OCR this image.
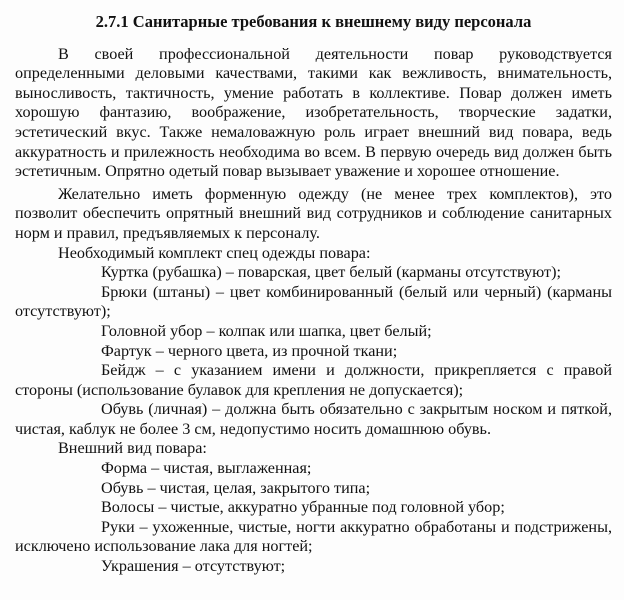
2.7.1 Санитарные требования к внешнему виду персонала

В своей профессиональной деятельности повар руководствуется определенными деловыми качествами, такими как вежливость, внимательность, выносливость, тактичность, умение работать в коллективе. Повар должен иметь хорошую фантазию, воображение, изобретательность, творческие задатки, эстетический вкус. Также немаловажную роль играет внешний вид повара, ведь аккуратность и прилежность необходима во всем. В первую очередь вид должен быть эстетичным. Опрятно одетый повар вызывает уважение и хорошее отношение.

Желательно иметь форменную одежду (не менее трех комплектов), это позволит обеспечить опрятный внешний вид сотрудников и соблюдение санитарных норм и правил, предъявляемых к персоналу.

Необходимый комплект спец одежды повара:

Куртка (рубашка) – поварская, цвет белый (карманы отсутствуют);
Брюки (штаны) – цвет комбинированный (белый или черный) (карманы отсутствуют);
Головной убор – колпак или шапка, цвет белый;
Фартук – черного цвета, из прочной ткани;
Бейдж – с указанием имени и должности, прикрепляется с правой стороны (использование булавок для крепления не допускается);
Обувь (личная) – должна быть обязательно с закрытым носком и пяткой, чистая, каблук не более 3 см, недопустимо носить домашнюю обувь.

Внешний вид повара:

Форма – чистая, выглаженная;
Обувь – чистая, целая, закрытого типа;
Волосы – чистые, аккуратно убранные под головной убор;
Руки – ухоженные, чистые, ногти аккуратно обработаны и подстрижены, исключено использование лака для ногтей;
Украшения – отсутствуют;
